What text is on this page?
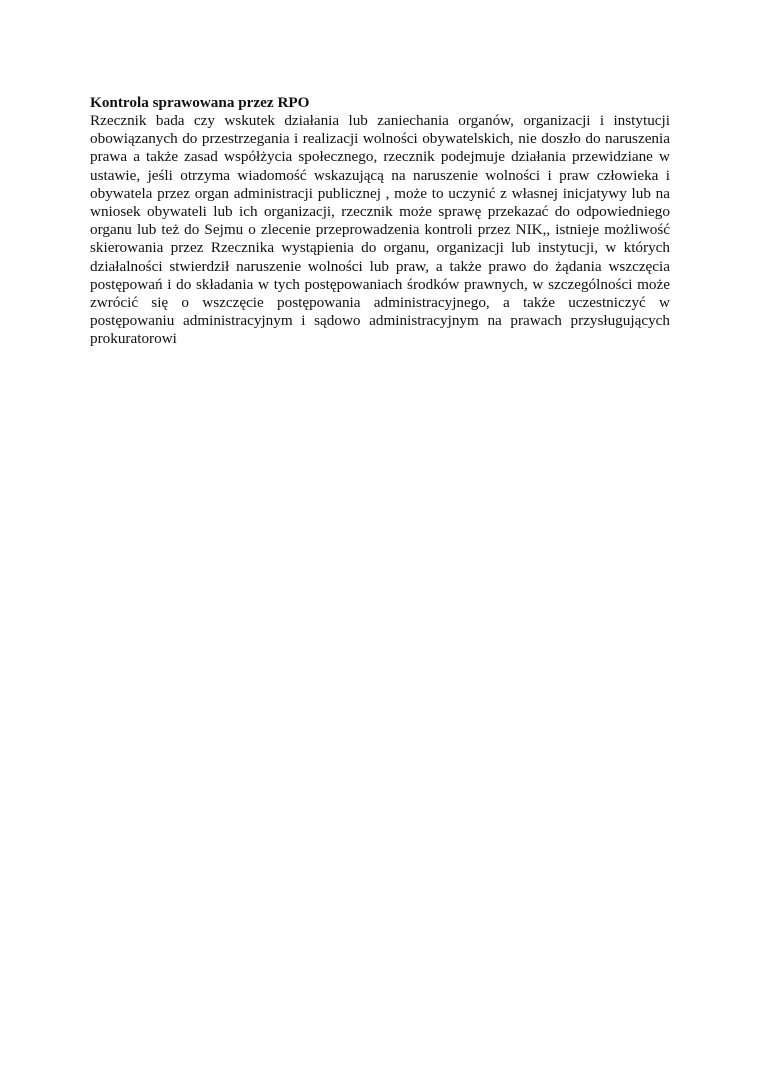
Kontrola sprawowana przez RPO

Rzecznik bada czy wskutek działania lub zaniechania organów, organizacji i instytucji obowiązanych do przestrzegania i realizacji wolności obywatelskich, nie doszło do naruszenia prawa a także zasad współżycia społecznego, rzecznik podejmuje działania przewidziane w ustawie, jeśli otrzyma wiadomość wskazującą na naruszenie wolności i praw człowieka i obywatela przez organ administracji publicznej , może to uczynić z własnej inicjatywy lub na wniosek obywateli lub ich organizacji, rzecznik może sprawę przekazać do odpowiedniego organu lub też do Sejmu o zlecenie przeprowadzenia kontroli przez NIK,, istnieje możliwość skierowania przez Rzecznika wystąpienia do organu, organizacji lub instytucji, w których działalności stwierdził naruszenie wolności lub praw, a także prawo do żądania wszczęcia postępowań i do składania w tych postępowaniach środków prawnych, w szczególności może zwrócić się o wszczęcie postępowania administracyjnego, a także uczestniczyć w postępowaniu administracyjnym i sądowo administracyjnym na prawach przysługujących prokuratorowi
